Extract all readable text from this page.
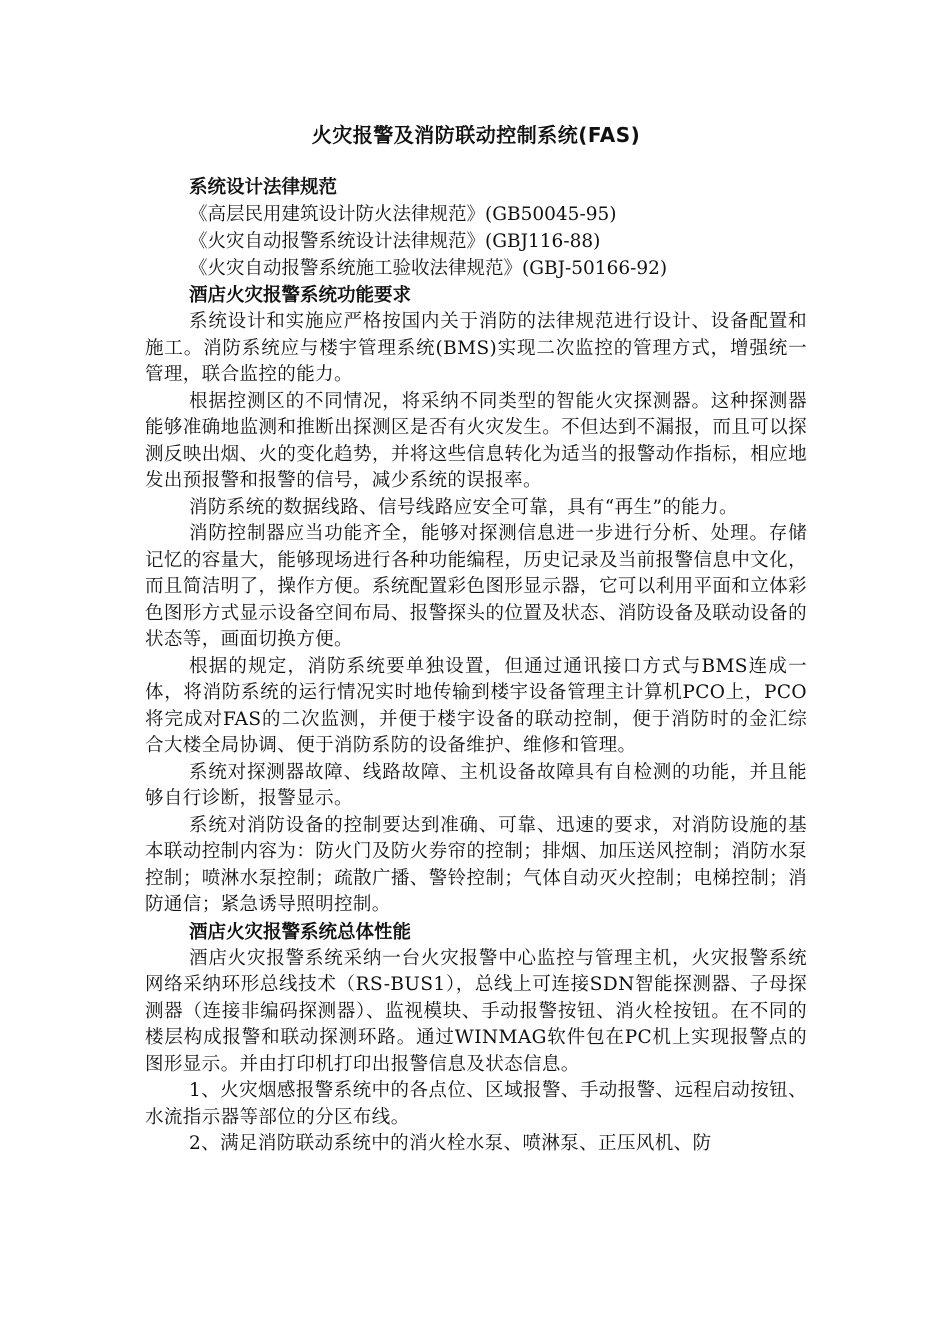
火灾报警及消防联动控制系统(FAS)
系统设计法律规范
《高层民用建筑设计防火法律规范》(GB50045-95)
《火灾自动报警系统设计法律规范》(GBJ116-88)
《火灾自动报警系统施工验收法律规范》(GBJ-50166-92)
酒店火灾报警系统功能要求

系统设计和实施应严格按国内关于消防的法律规范进行设计、设备配置和施工。消防系统应与楼宇管理系统(BMS)实现二次监控的管理方式，增强统一管理，联合监控的能力。

根据控测区的不同情况，将采纳不同类型的智能火灾探测器。这种探测器能够准确地监测和推断出探测区是否有火灾发生。不但达到不漏报，而且可以探测反映出烟、火的变化趋势，并将这些信息转化为适当的报警动作指标，相应地发出预报警和报警的信号，减少系统的误报率。

消防系统的数据线路、信号线路应安全可靠，具有“再生”的能力。

消防控制器应当功能齐全，能够对探测信息进一步进行分析、处理。存储记忆的容量大，能够现场进行各种功能编程，历史记录及当前报警信息中文化，而且简洁明了，操作方便。系统配置彩色图形显示器，它可以利用平面和立体彩色图形方式显示设备空间布局、报警探头的位置及状态、消防设备及联动设备的状态等，画面切换方便。

根据的规定，消防系统要单独设置，但通过通讯接口方式与BMS连成一体，将消防系统的运行情况实时地传输到楼宇设备管理主计算机PCO上，PCO将完成对FAS的二次监测，并便于楼宇设备的联动控制，便于消防时的金汇综合大楼全局协调、便于消防系防的设备维护、维修和管理。

系统对探测器故障、线路故障、主机设备故障具有自检测的功能，并且能够自行诊断，报警显示。

系统对消防设备的控制要达到准确、可靠、迅速的要求，对消防设施的基本联动控制内容为：防火门及防火券帘的控制；排烟、加压送风控制；消防水泵控制；喷淋水泵控制；疏散广播、警铃控制；气体自动灭火控制；电梯控制；消防通信；紧急诱导照明控制。

酒店火灾报警系统总体性能

酒店火灾报警系统采纳一台火灾报警中心监控与管理主机，火灾报警系统网络采纳环形总线技术（RS-BUS1），总线上可连接SDN智能探测器、子母探测器（连接非编码探测器）、监视模块、手动报警按钮、消火栓按钮。在不同的楼层构成报警和联动探测环路。通过WINMAG软件包在PC机上实现报警点的图形显示。并由打印机打印出报警信息及状态信息。

1、火灾烟感报警系统中的各点位、区域报警、手动报警、远程启动按钮、水流指示器等部位的分区布线。

2、满足消防联动系统中的消火栓水泵、喷淋泵、正压风机、防
